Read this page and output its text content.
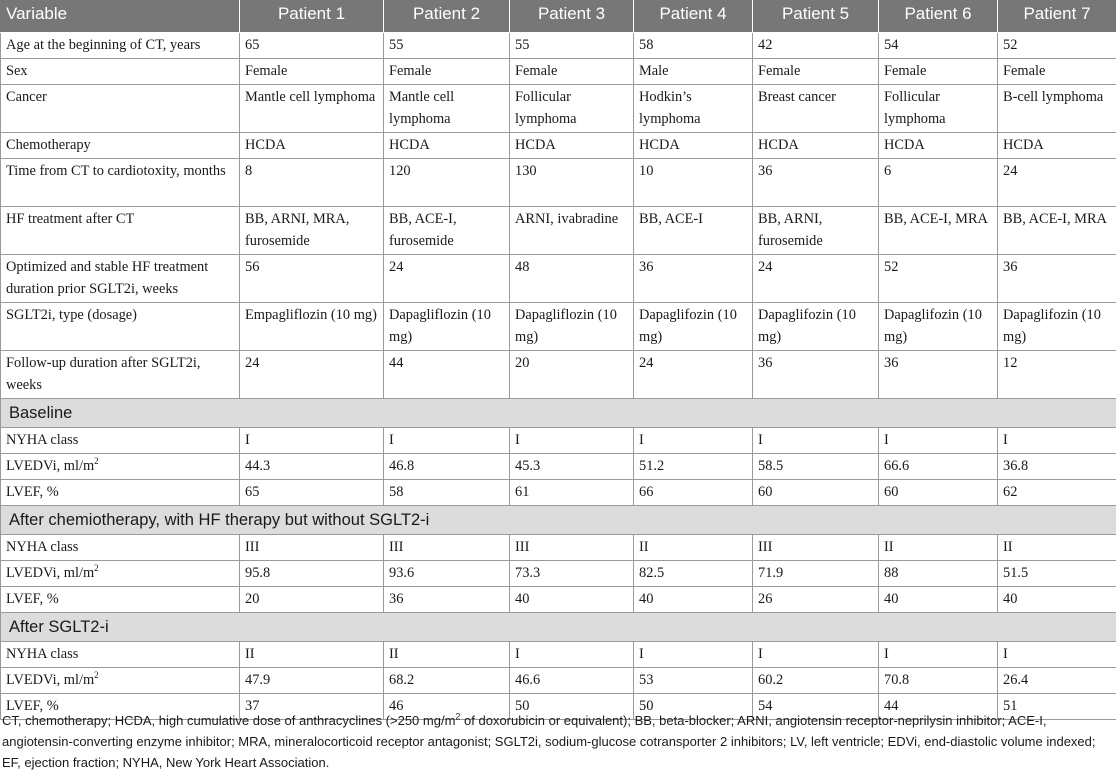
Variable	Patient 1	Patient 2	Patient 3	Patient 4	Patient 5	Patient 6	Patient 7
Age at the beginning of CT, years	65	55	55	58	42	54	52
Sex	Female	Female	Female	Male	Female	Female	Female
Cancer	Mantle cell lymphoma	Mantle cell lymphoma	Follicular lymphoma	Hodkin’s lymphoma	Breast cancer	Follicular lymphoma	B-cell lymphoma
Chemotherapy	HCDA	HCDA	HCDA	HCDA	HCDA	HCDA	HCDA
Time from CT to cardiotoxity, months	8	120	130	10	36	6	24
HF treatment after CT	BB, ARNI, MRA, furosemide	BB, ACE-I, furosemide	ARNI, ivabradine	BB, ACE-I	BB, ARNI, furosemide	BB, ACE-I, MRA	BB, ACE-I, MRA
Optimized and stable HF treatment duration prior SGLT2i, weeks	56	24	48	36	24	52	36
SGLT2i, type (dosage)	Empagliflozin (10 mg)	Dapagliflozin (10 mg)	Dapagliflozin (10 mg)	Dapaglifozin (10 mg)	Dapaglifozin (10 mg)	Dapaglifozin (10 mg)	Dapaglifozin (10 mg)
Follow-up duration after SGLT2i, weeks	24	44	20	24	36	36	12
Baseline							
NYHA class	I	I	I	I	I	I	I
LVEDVi, $ml/m^2$	44.3	46.8	45.3	51.2	58.5	66.6	36.8
LVEF, %	65	58	61	66	60	60	62
After chemiotherapy, with HF therapy but without SGLT2-i							
NYHA class	III	III	III	II	III	II	II
LVEDVi, $ml/m^2$	95.8	93.6	73.3	82.5	71.9	88	51.5
LVEF, %	20	36	40	40	26	40	40
After SGLT2-i							
NYHA class	II	II	I	I	I	I	I
LVEDVi, $ml/m^2$	47.9	68.2	46.6	53	60.2	70.8	26.4
LVEF, %	37	46	50	50	54	44	51
CT, chemotherapy; HCDA, high cumulative dose of anthracyclines (>250 $mg/m^2$ of doxorubicin or equivalent); BB, beta-blocker; ARNI, angiotensin receptor-neprilysin inhibitor; ACE-I, angiotensin-converting enzyme inhibitor; MRA, mineralocorticoid receptor antagonist; SGLT2i, sodium-glucose cotransporter 2 inhibitors; LV, left ventricle; EDVi, end-diastolic volume indexed; EF, ejection fraction; NYHA, New York Heart Association.
